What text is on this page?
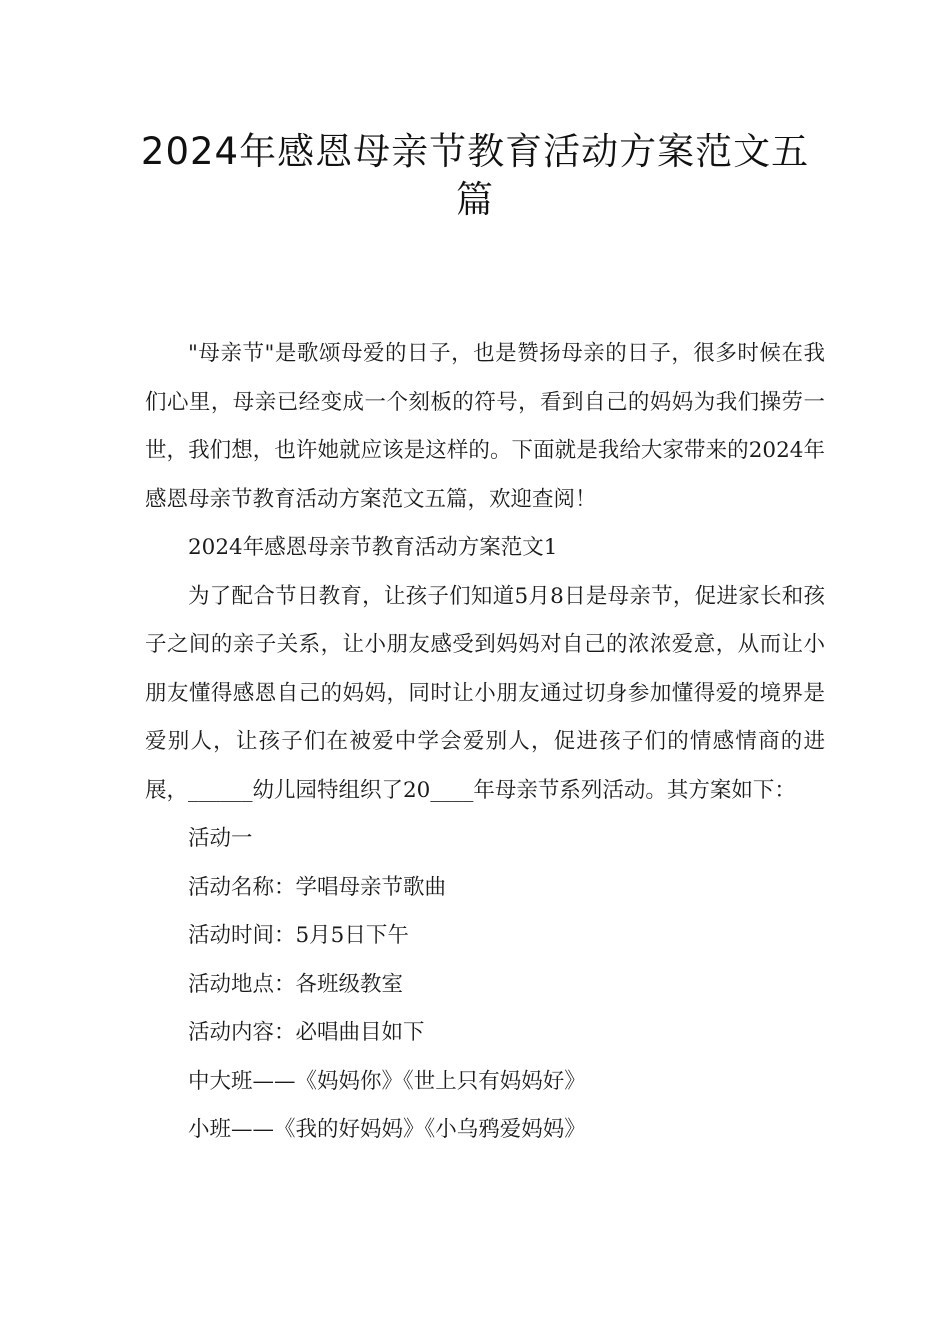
2024年感恩母亲节教育活动方案范文五篇

"母亲节"是歌颂母爱的日子，也是赞扬母亲的日子，很多时候在我们心里，母亲已经变成一个刻板的符号，看到自己的妈妈为我们操劳一世，我们想，也许她就应该是这样的。下面就是我给大家带来的2024年感恩母亲节教育活动方案范文五篇，欢迎查阅！

2024年感恩母亲节教育活动方案范文1

为了配合节日教育，让孩子们知道5月8日是母亲节，促进家长和孩子之间的亲子关系，让小朋友感受到妈妈对自己的浓浓爱意，从而让小朋友懂得感恩自己的妈妈，同时让小朋友通过切身参加懂得爱的境界是爱别人，让孩子们在被爱中学会爱别人，促进孩子们的情感情商的进展，______幼儿园特组织了20____年母亲节系列活动。其方案如下：

活动一

活动名称：学唱母亲节歌曲

活动时间：5月5日下午

活动地点：各班级教室

活动内容：必唱曲目如下

中大班——《妈妈你》《世上只有妈妈好》

小班——《我的好妈妈》《小乌鸦爱妈妈》
